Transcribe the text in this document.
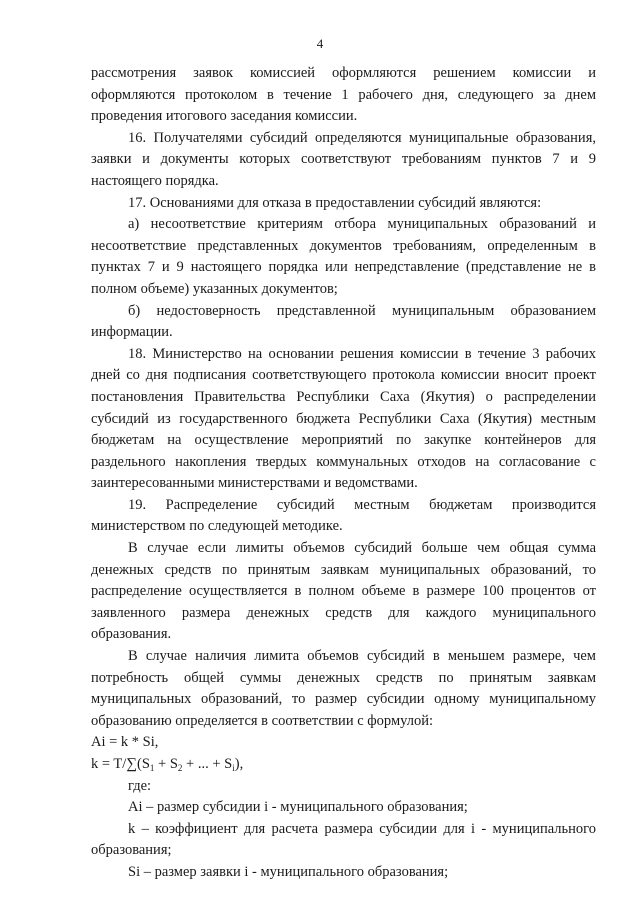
4

рассмотрения заявок комиссией оформляются решением комиссии и оформляются протоколом в течение 1 рабочего дня, следующего за днем проведения итогового заседания комиссии.

16. Получателями субсидий определяются муниципальные образования, заявки и документы которых соответствуют требованиям пунктов 7 и 9 настоящего порядка.

17. Основаниями для отказа в предоставлении субсидий являются:

а) несоответствие критериям отбора муниципальных образований и несоответствие представленных документов требованиям, определенным в пунктах 7 и 9 настоящего порядка или непредставление (представление не в полном объеме) указанных документов;

б) недостоверность представленной муниципальным образованием информации.

18. Министерство на основании решения комиссии в течение 3 рабочих дней со дня подписания соответствующего протокола комиссии вносит проект постановления Правительства Республики Саха (Якутия) о распределении субсидий из государственного бюджета Республики Саха (Якутия) местным бюджетам на осуществление мероприятий по закупке контейнеров для раздельного накопления твердых коммунальных отходов на согласование с заинтересованными министерствами и ведомствами.

19. Распределение субсидий местным бюджетам производится министерством по следующей методике.

В случае если лимиты объемов субсидий больше чем общая сумма денежных средств по принятым заявкам муниципальных образований, то распределение осуществляется в полном объеме в размере 100 процентов от заявленного размера денежных средств для каждого муниципального образования.

В случае наличия лимита объемов субсидий в меньшем размере, чем потребность общей суммы денежных средств по принятым заявкам муниципальных образований, то размер субсидии одному муниципальному образованию определяется в соответствии с формулой:

Ai = k * Si,

$k = T/\sum(S_1 + S_2$ + ... + $S_i$),

где:

Ai – размер субсидии i - муниципального образования;

k – коэффициент для расчета размера субсидии для i - муниципального образования;

Si – размер заявки i - муниципального образования;
